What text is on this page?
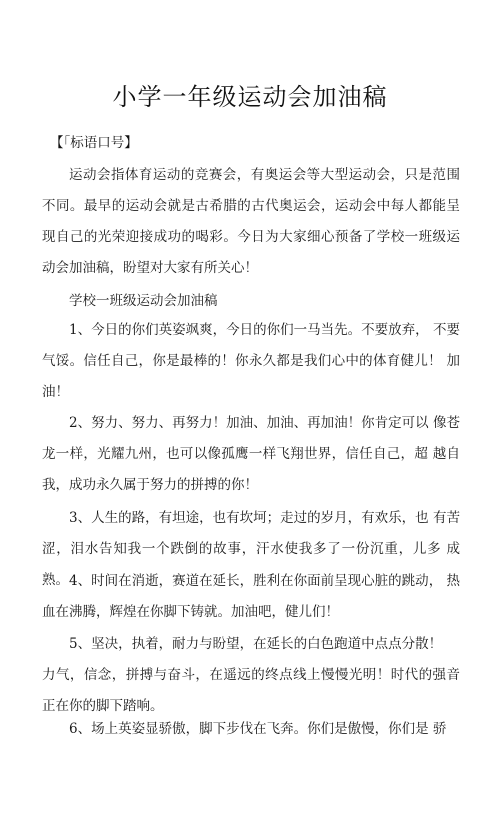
小学一年级运动会加油稿
【「标语口号】

运动会指体育运动的竞赛会，有奥运会等大型运动会，只是范围 不同。最早的运动会就是古希腊的古代奥运会，运动会中每人都能呈 现自己的光荣迎接成功的喝彩。今日为大家细心预备了学校一班级运 动会加油稿，盼望对大家有所关心！

学校一班级运动会加油稿

1、今日的你们英姿飒爽，今日的你们一马当先。不要放弃， 不要气馁。信任自己，你是最棒的！你永久都是我们心中的体育健儿！ 加油！

2、努力、努力、再努力！加油、加油、再加油！你肯定可以 像苍龙一样，光耀九州，也可以像孤鹰一样飞翔世界，信任自己，超 越自我，成功永久属于努力的拼搏的你！

3、人生的路，有坦途，也有坎坷；走过的岁月，有欢乐，也 有苦涩，泪水告知我一个跌倒的故事，汗水使我多了一份沉重，儿多 成熟。 4、时间在消逝，赛道在延长，胜利在你面前呈现心脏的跳动， 热血在沸腾，辉煌在你脚下铸就。加油吧，健儿们！

5、坚决，执着，耐力与盼望，在延长的白色跑道中点点分散！

力气，信念，拼搏与奋斗，在遥远的终点线上慢慢光明！时代的强音 正在你的脚下踏响。

6、场上英姿显骄傲，脚下步伐在飞奔。你们是傲慢，你们是 骄
